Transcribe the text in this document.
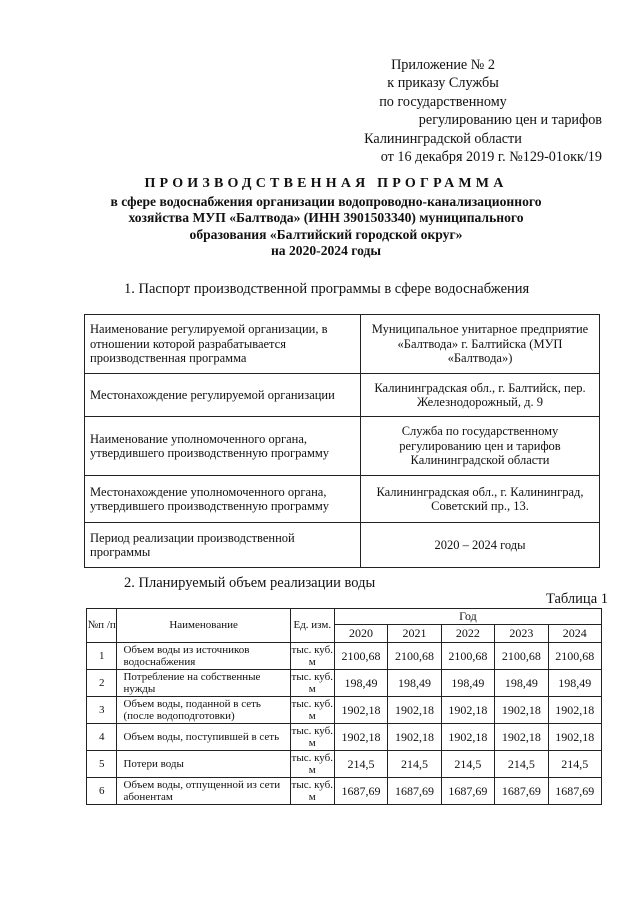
Приложение № 2
к приказу Службы
по государственному
регулированию цен и тарифов
Калининградской области
от 16 декабря 2019 г. №129-01окк/19
ПРОИЗВОДСТВЕННАЯ ПРОГРАММА
в сфере водоснабжения организации водопроводно-канализационного
хозяйства МУП «Балтвода» (ИНН 3901503340) муниципального
образования «Балтийский городской округ»
на 2020-2024 годы
1. Паспорт производственной программы в сфере водоснабжения
Наименование регулируемой организации, в отношении которой разрабатывается производственная программа	Муниципальное унитарное предприятие «Балтвода» г. Балтийска (МУП «Балтвода»)
Местонахождение регулируемой организации	Калининградская обл., г. Балтийск, пер. Железнодорожный, д. 9
Наименование уполномоченного органа, утвердившего производственную программу	Служба по государственному регулированию цен и тарифов Калининградской области
Местонахождение уполномоченного органа, утвердившего производственную программу	Калининградская обл., г. Калининград, Советский пр., 13.
Период реализации производственной программы	2020 – 2024 годы
2. Планируемый объем реализации воды
Таблица 1
№п /п	Наименование	Ед. изм.	Год				
			2020	2021	2022	2023	2024
1	Объем воды из источников водоснабжения	тыс. куб. м	2100,68	2100,68	2100,68	2100,68	2100,68
2	Потребление на собственные нужды	тыс. куб. м	198,49	198,49	198,49	198,49	198,49
3	Объем воды, поданной в сеть (после водоподготовки)	тыс. куб. м	1902,18	1902,18	1902,18	1902,18	1902,18
4	Объем воды, поступившей в сеть	тыс. куб. м	1902,18	1902,18	1902,18	1902,18	1902,18
5	Потери воды	тыс. куб. м	214,5	214,5	214,5	214,5	214,5
6	Объем воды, отпущенной из сети абонентам	тыс. куб. м	1687,69	1687,69	1687,69	1687,69	1687,69
